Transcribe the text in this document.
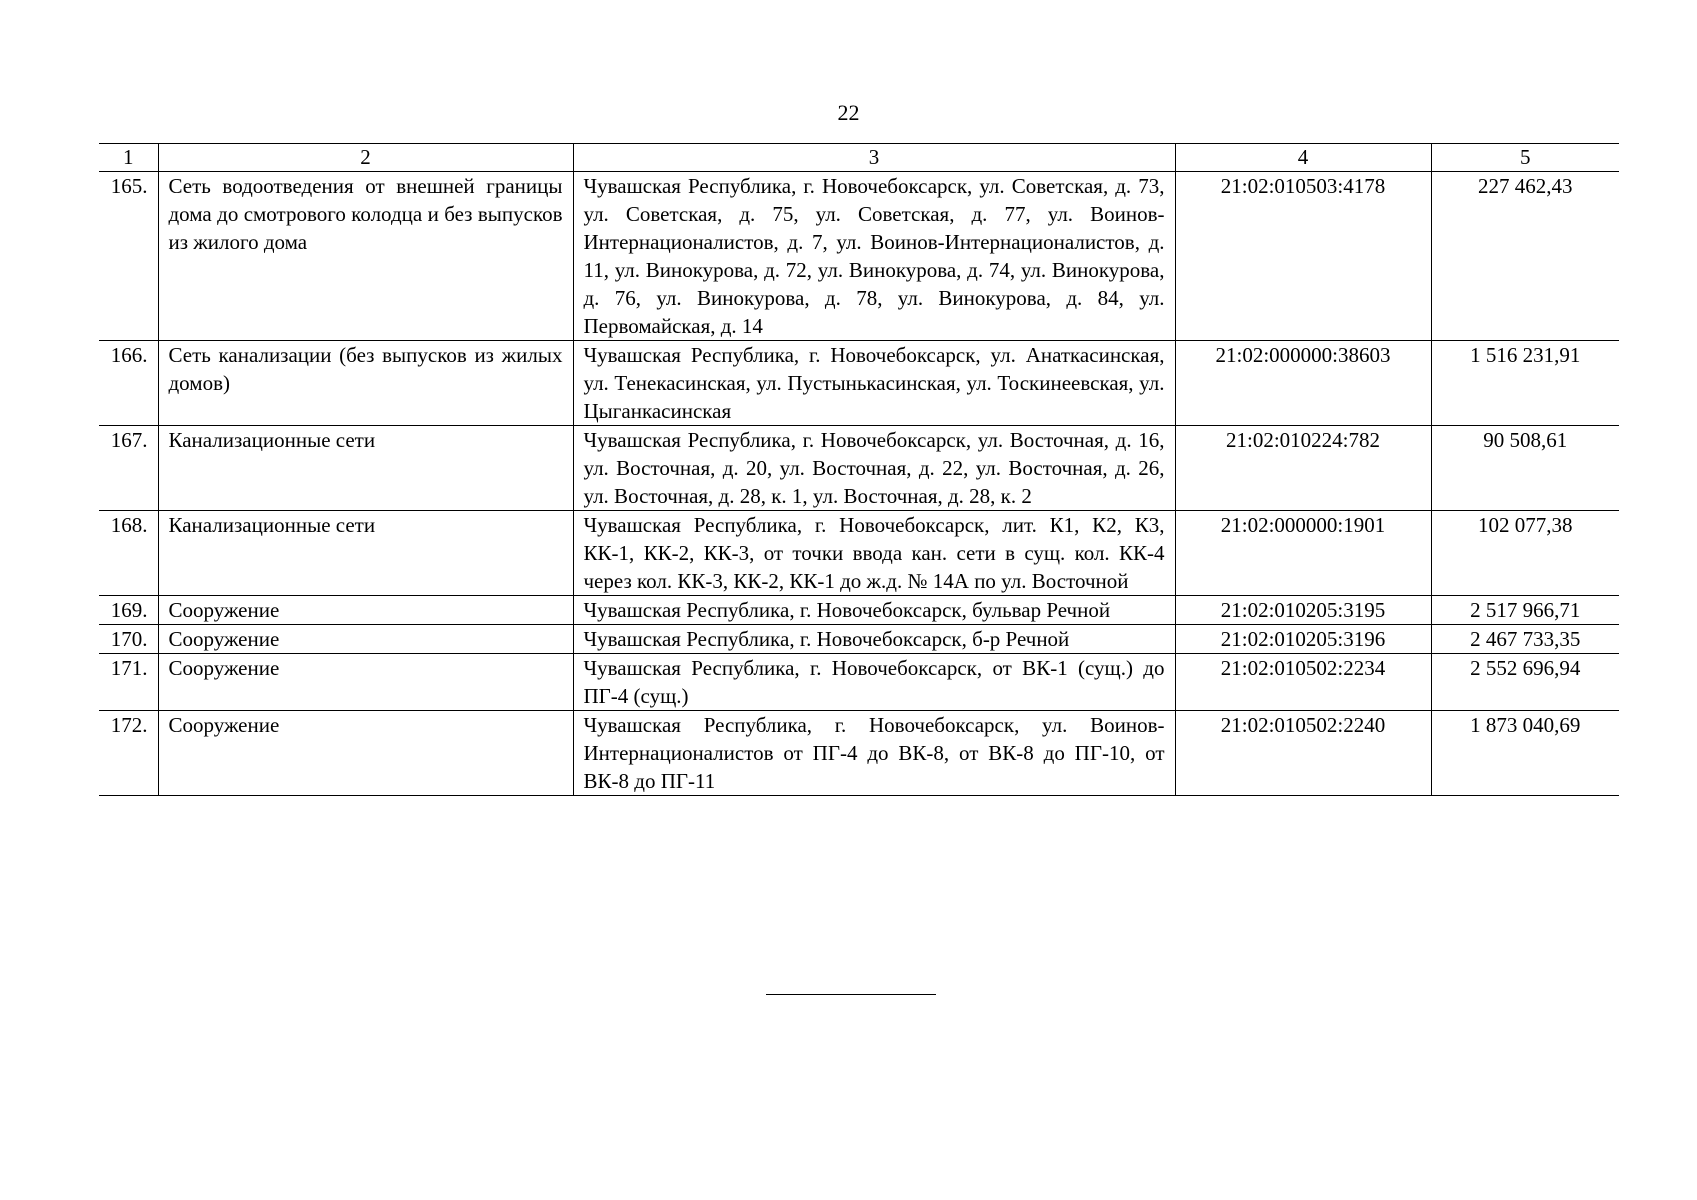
22
1	2	3	4	5
165.	Сеть водоотведения от внешней границы дома до смотрового колодца и без выпусков из жилого дома	Чувашская Республика, г. Новочебоксарск, ул. Советская, д. 73, ул. Советская, д. 75, ул. Советская, д. 77, ул. Воинов-Интернационалистов, д. 7, ул. Воинов-Интернационалистов, д. 11, ул. Винокурова, д. 72, ул. Винокурова, д. 74, ул. Винокурова, д. 76, ул. Винокурова, д. 78, ул. Винокурова, д. 84, ул. Первомайская, д. 14	21:02:010503:4178	227 462,43
166.	Сеть канализации (без выпусков из жилых домов)	Чувашская Республика, г. Новочебоксарск, ул. Анаткасинская, ул. Тенекасинская, ул. Пустынькасинская, ул. Тоскинеевская, ул. Цыганкасинская	21:02:000000:38603	1 516 231,91
167.	Канализационные сети	Чувашская Республика, г. Новочебоксарск, ул. Восточная, д. 16, ул. Восточная, д. 20, ул. Восточная, д. 22, ул. Восточная, д. 26, ул. Восточная, д. 28, к. 1, ул. Восточная, д. 28, к. 2	21:02:010224:782	90 508,61
168.	Канализационные сети	Чувашская Республика, г. Новочебоксарск, лит. К1, К2, К3, КК-1, КК-2, КК-3, от точки ввода кан. сети в сущ. кол. КК-4 через кол. КК-3, КК-2, КК-1 до ж.д. № 14А по ул. Восточной	21:02:000000:1901	102 077,38
169.	Сооружение	Чувашская Республика, г. Новочебоксарск, бульвар Речной	21:02:010205:3195	2 517 966,71
170.	Сооружение	Чувашская Республика, г. Новочебоксарск, б-р Речной	21:02:010205:3196	2 467 733,35
171.	Сооружение	Чувашская Республика, г. Новочебоксарск, от ВК-1 (сущ.) до ПГ-4 (сущ.)	21:02:010502:2234	2 552 696,94
172.	Сооружение	Чувашская Республика, г. Новочебоксарск, ул. Воинов-Интернационалистов от ПГ-4 до ВК-8, от ВК-8 до ПГ-10, от ВК-8 до ПГ-11	21:02:010502:2240	1 873 040,69
